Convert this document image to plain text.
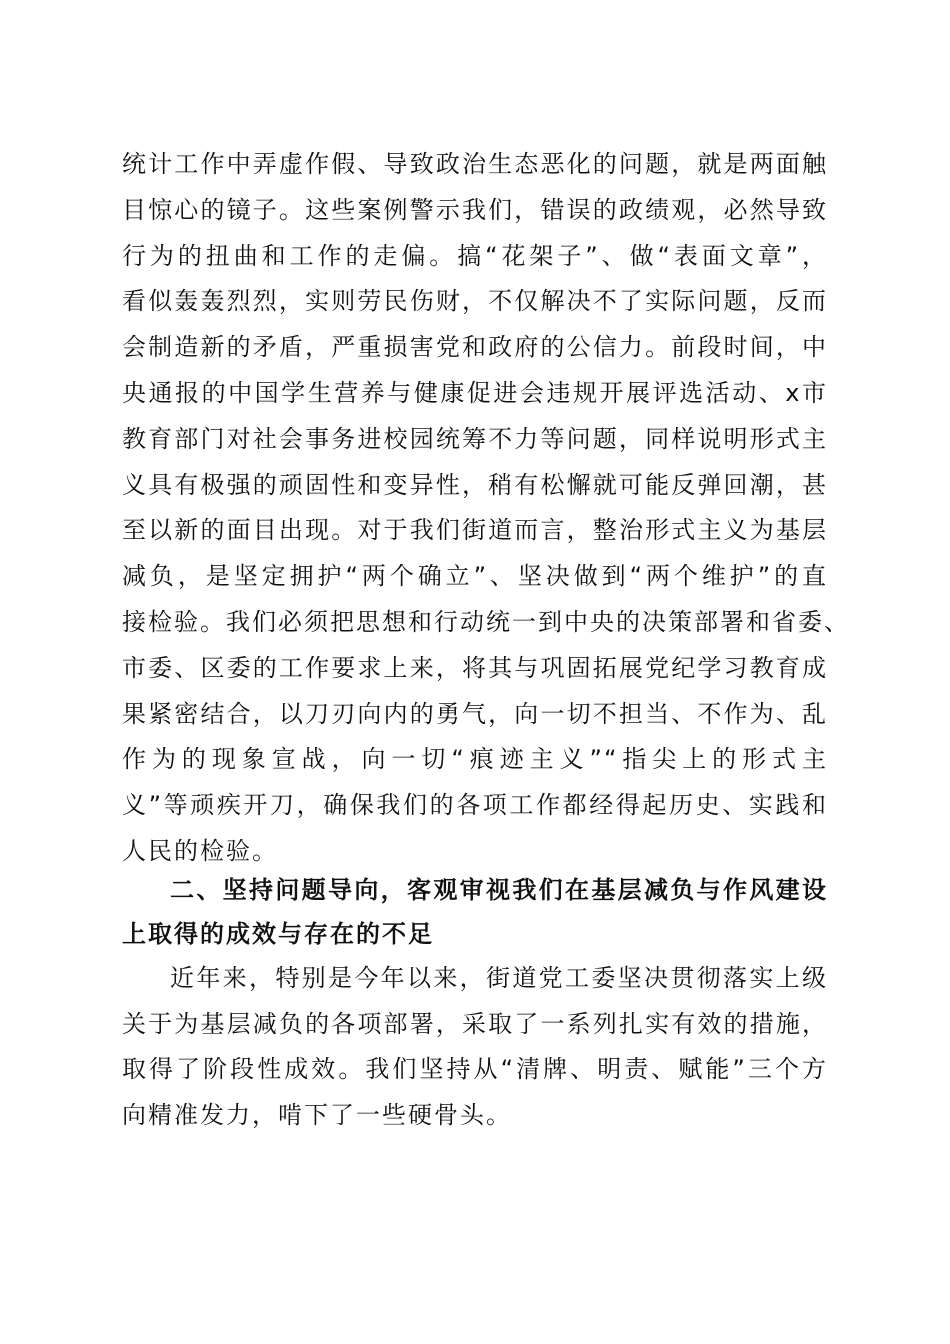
统计工作中弄虚作假、导致政治生态恶化的问题，就是两面触
目惊心的镜子。这些案例警示我们，错误的政绩观，必然导致
行为的扭曲和工作的走偏。搞“花架子”、做“表面文章”，
看似轰轰烈烈，实则劳民伤财，不仅解决不了实际问题，反而
会制造新的矛盾，严重损害党和政府的公信力。前段时间，中
央通报的中国学生营养与健康促进会违规开展评选活动、x市
教育部门对社会事务进校园统筹不力等问题，同样说明形式主
义具有极强的顽固性和变异性，稍有松懈就可能反弹回潮，甚
至以新的面目出现。对于我们街道而言，整治形式主义为基层
减负，是坚定拥护“两个确立”、坚决做到“两个维护”的直
接检验。我们必须把思想和行动统一到中央的决策部署和省委、
市委、区委的工作要求上来，将其与巩固拓展党纪学习教育成
果紧密结合，以刀刃向内的勇气，向一切不担当、不作为、乱
作为的现象宣战，向一切“痕迹主义”“指尖上的形式主
义”等顽疾开刀，确保我们的各项工作都经得起历史、实践和
人民的检验。
二、坚持问题导向，客观审视我们在基层减负与作风建设
上取得的成效与存在的不足
近年来，特别是今年以来，街道党工委坚决贯彻落实上级
关于为基层减负的各项部署，采取了一系列扎实有效的措施，
取得了阶段性成效。我们坚持从“清牌、明责、赋能”三个方
向精准发力，啃下了一些硬骨头。
